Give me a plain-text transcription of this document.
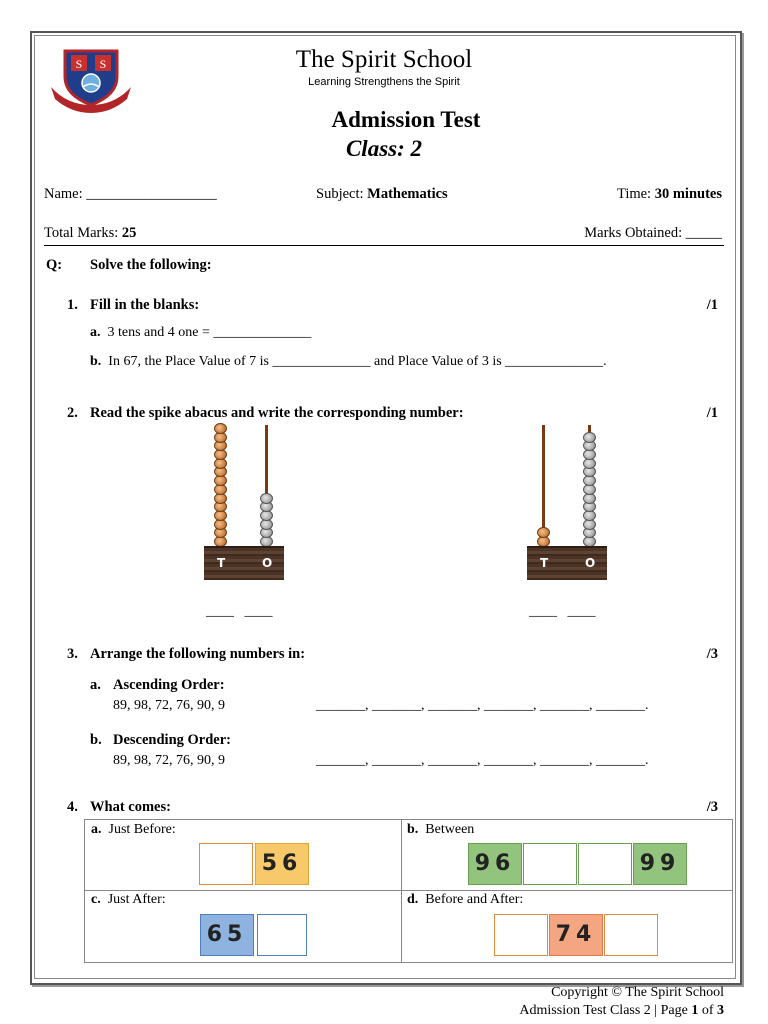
S S	The Spirit School
Learning Strengthens the Spirit
Admission Test
Class: 2
Name: __________________	Subject: Mathematics	Time: 30 minutes
Total Marks: 25	Marks Obtained: _____
Q: Solve the following:
1. Fill in the blanks:	/1
a. 3 tens and 4 one = ______________
b. In 67, the Place Value of 7 is ______________ and Place Value of 3 is ______________.
2. Read the spike abacus and write the corresponding number:	/1
T	O
____   ____
T	O
____   ____
3. Arrange the following numbers in:	/3
a. Ascending Order:
89, 98, 72, 76, 90, 9	_______, _______, _______, _______, _______, _______.
b. Descending Order:
89, 98, 72, 76, 90, 9	_______, _______, _______, _______, _______, _______.
4. What comes:	/3
a. Just Before:
56
b. Between
96	99
c. Just After:
65
d. Before and After:
74
Copyright © The Spirit School
Admission Test Class 2 | Page 1 of 3
